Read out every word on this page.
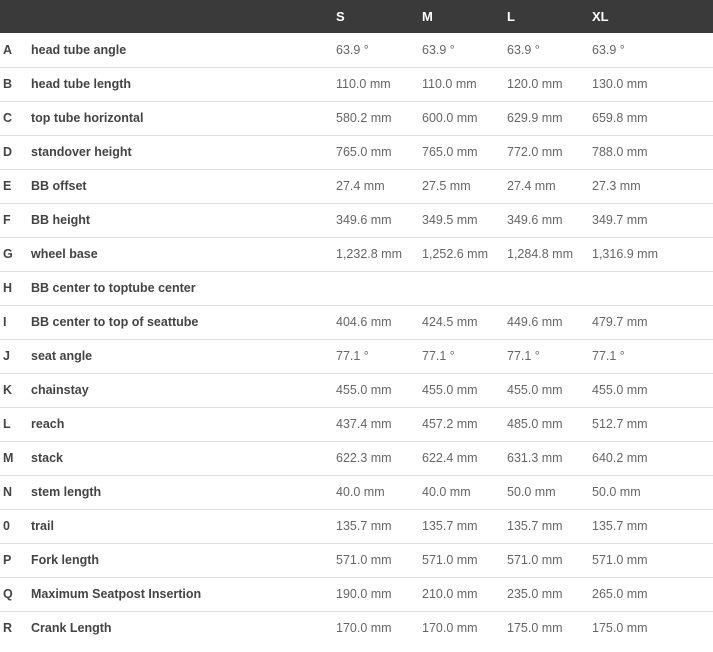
		S	M	L	XL
A	head tube angle	63.9 °	63.9 °	63.9 °	63.9 °
B	head tube length	110.0 mm	110.0 mm	120.0 mm	130.0 mm
C	top tube horizontal	580.2 mm	600.0 mm	629.9 mm	659.8 mm
D	standover height	765.0 mm	765.0 mm	772.0 mm	788.0 mm
E	BB offset	27.4 mm	27.5 mm	27.4 mm	27.3 mm
F	BB height	349.6 mm	349.5 mm	349.6 mm	349.7 mm
G	wheel base	1,232.8 mm	1,252.6 mm	1,284.8 mm	1,316.9 mm
H	BB center to toptube center				
I	BB center to top of seattube	404.6 mm	424.5 mm	449.6 mm	479.7 mm
J	seat angle	77.1 °	77.1 °	77.1 °	77.1 °
K	chainstay	455.0 mm	455.0 mm	455.0 mm	455.0 mm
L	reach	437.4 mm	457.2 mm	485.0 mm	512.7 mm
M	stack	622.3 mm	622.4 mm	631.3 mm	640.2 mm
N	stem length	40.0 mm	40.0 mm	50.0 mm	50.0 mm
0	trail	135.7 mm	135.7 mm	135.7 mm	135.7 mm
P	Fork length	571.0 mm	571.0 mm	571.0 mm	571.0 mm
Q	Maximum Seatpost Insertion	190.0 mm	210.0 mm	235.0 mm	265.0 mm
R	Crank Length	170.0 mm	170.0 mm	175.0 mm	175.0 mm
